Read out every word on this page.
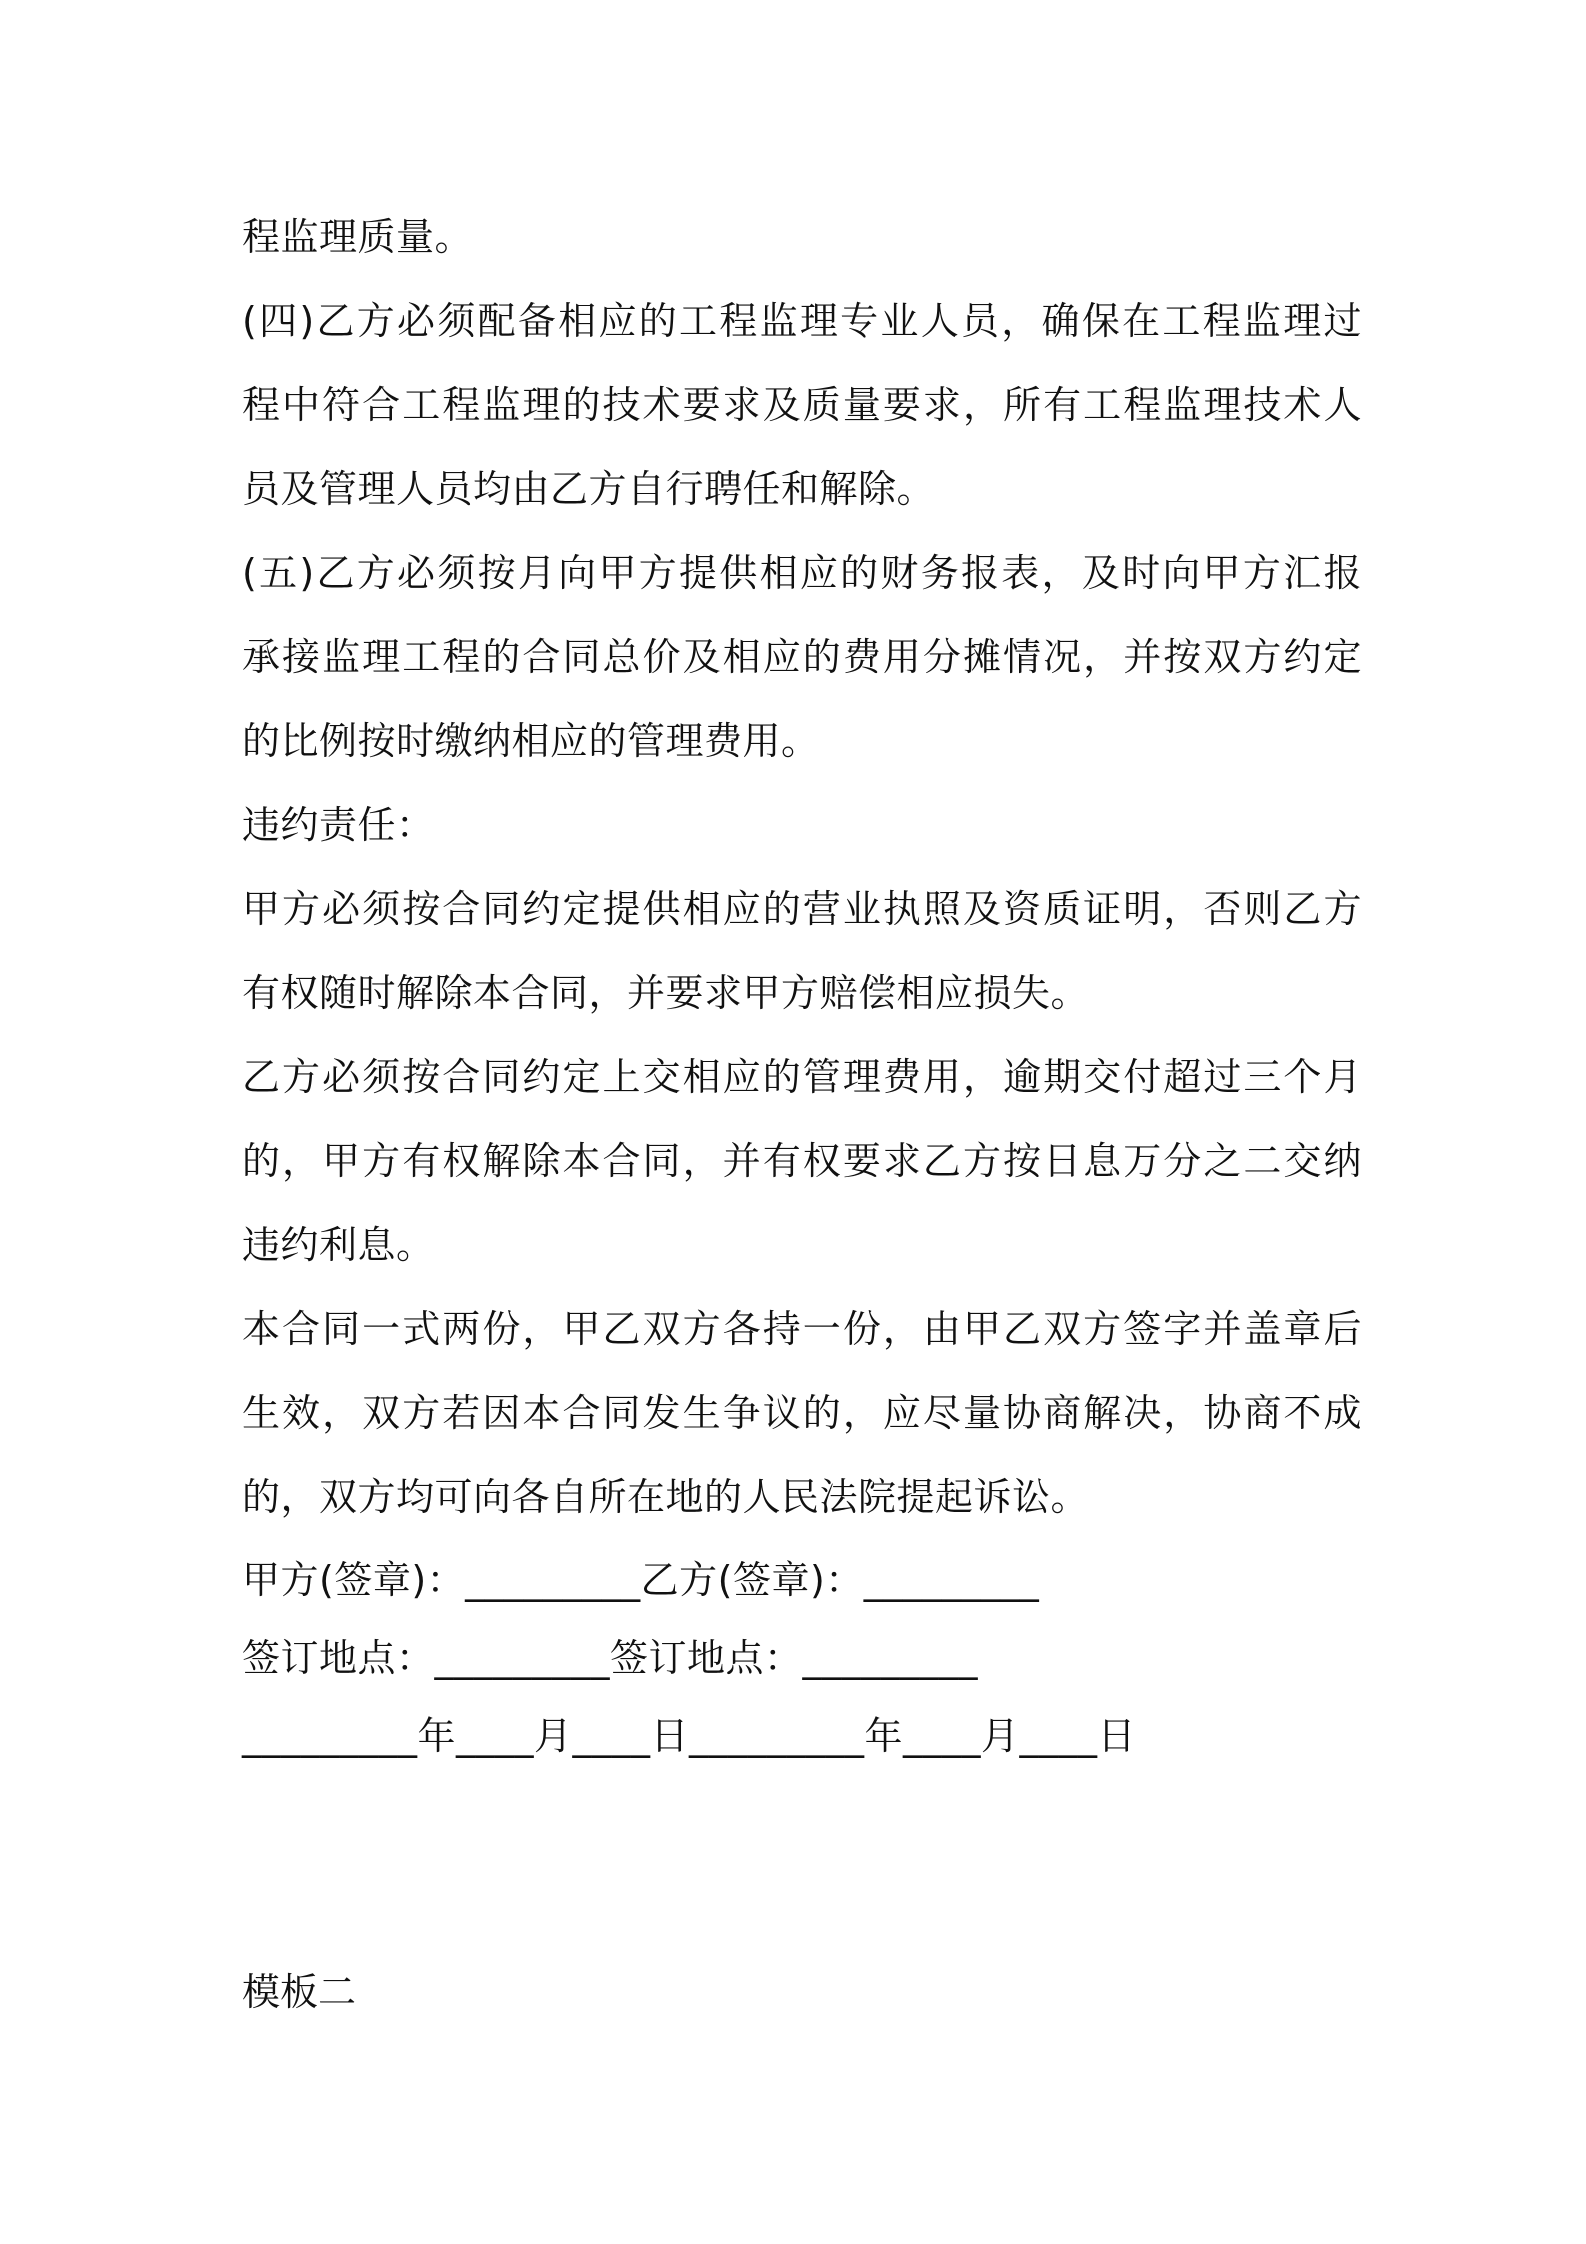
程监理质量。
(四)乙方必须配备相应的工程监理专业人员，确保在工程监理过
程中符合工程监理的技术要求及质量要求，所有工程监理技术人
员及管理人员均由乙方自行聘任和解除。
(五)乙方必须按月向甲方提供相应的财务报表，及时向甲方汇报
承接监理工程的合同总价及相应的费用分摊情况，并按双方约定
的比例按时缴纳相应的管理费用。
违约责任：
甲方必须按合同约定提供相应的营业执照及资质证明，否则乙方
有权随时解除本合同，并要求甲方赔偿相应损失。
乙方必须按合同约定上交相应的管理费用，逾期交付超过三个月
的，甲方有权解除本合同，并有权要求乙方按日息万分之二交纳
违约利息。
本合同一式两份，甲乙双方各持一份，由甲乙双方签字并盖章后
生效，双方若因本合同发生争议的，应尽量协商解决，协商不成
的，双方均可向各自所在地的人民法院提起诉讼。
甲方(签章)：_________乙方(签章)：_________
签订地点：_________签订地点：_________
_________年____月____日_________年____月____日
模板二
